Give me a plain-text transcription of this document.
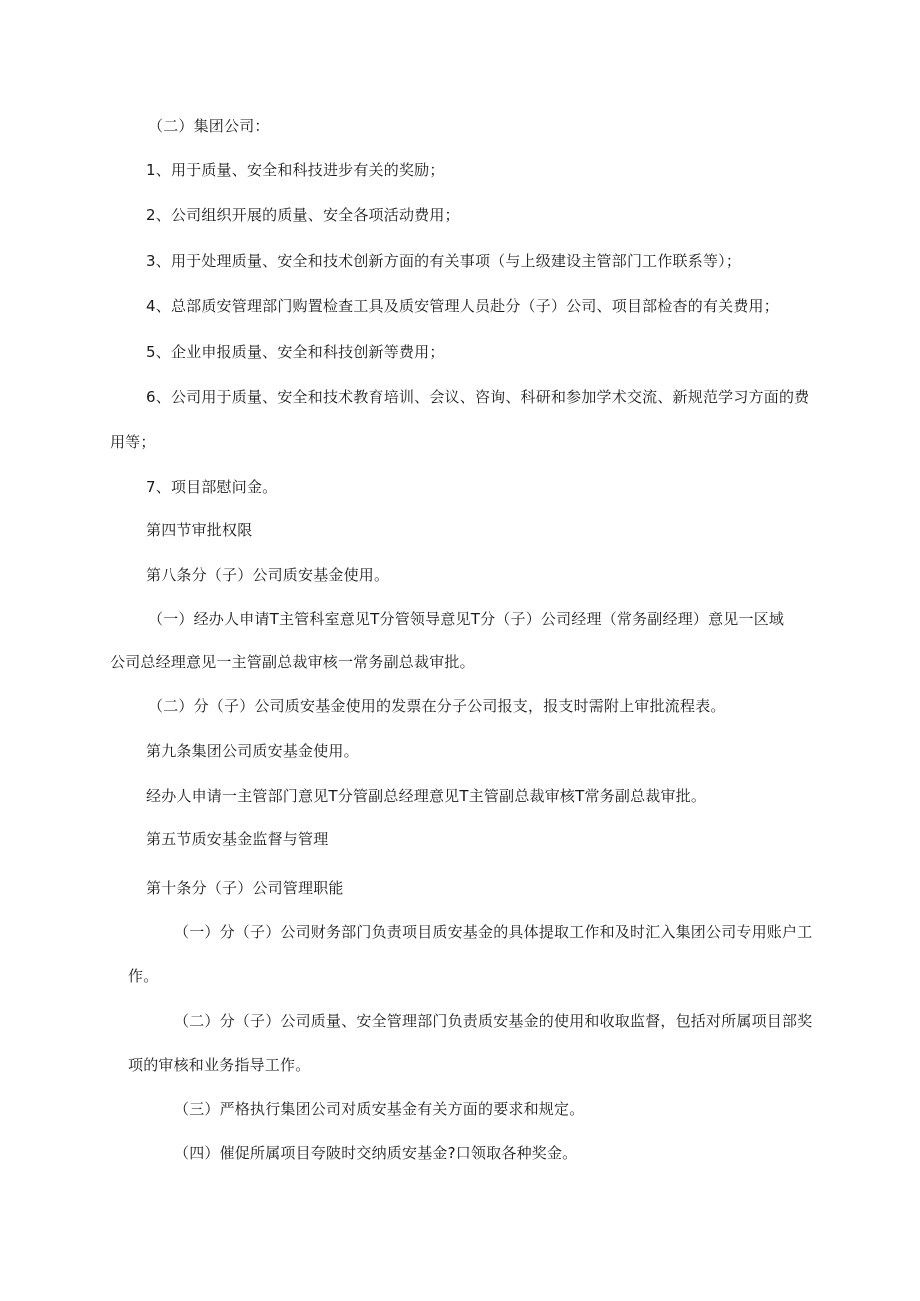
（二）集团公司：
1、用于质量、安全和科技进步有关的奖励；
2、公司组织开展的质量、安全各项活动费用；
3、用于处理质量、安全和技术创新方面的有关事项（与上级建设主管部门工作联系等）；
4、总部质安管理部门购置检查工具及质安管理人员赴分（子）公司、项目部检杳的有关费用；
5、企业申报质量、安全和科技创新等费用；
6、公司用于质量、安全和技术教育培训、会议、咨询、科研和参加学术交流、新规范学习方面的费
用等；
7、项目部慰问金。
第四节审批权限
第八条分（子）公司质安基金使用。
（一）经办人申请T主管科室意见T分管领导意见T分（子）公司经理（常务副经理）意见一区域
公司总经理意见一主管副总裁审核一常务副总裁审批。
（二）分（子）公司质安基金使用的发票在分子公司报支，报支时需附上审批流程表。
第九条集团公司质安基金使用。
经办人申请一主管部门意见T分管副总经理意见T主管副总裁审核T常务副总裁审批。
第五节质安基金监督与管理
第十条分（子）公司管理职能
（一）分（子）公司财务部门负责项目质安基金的具体提取工作和及时汇入集团公司专用账户工
作。
（二）分（子）公司质量、安全管理部门负责质安基金的使用和收取监督，包括对所属项目部奖
项的审核和业务指导工作。
（三）严格执行集团公司对质安基金有关方面的要求和规定。
（四）催促所属项目夸陂时交纳质安基金?口领取各种奖金。
